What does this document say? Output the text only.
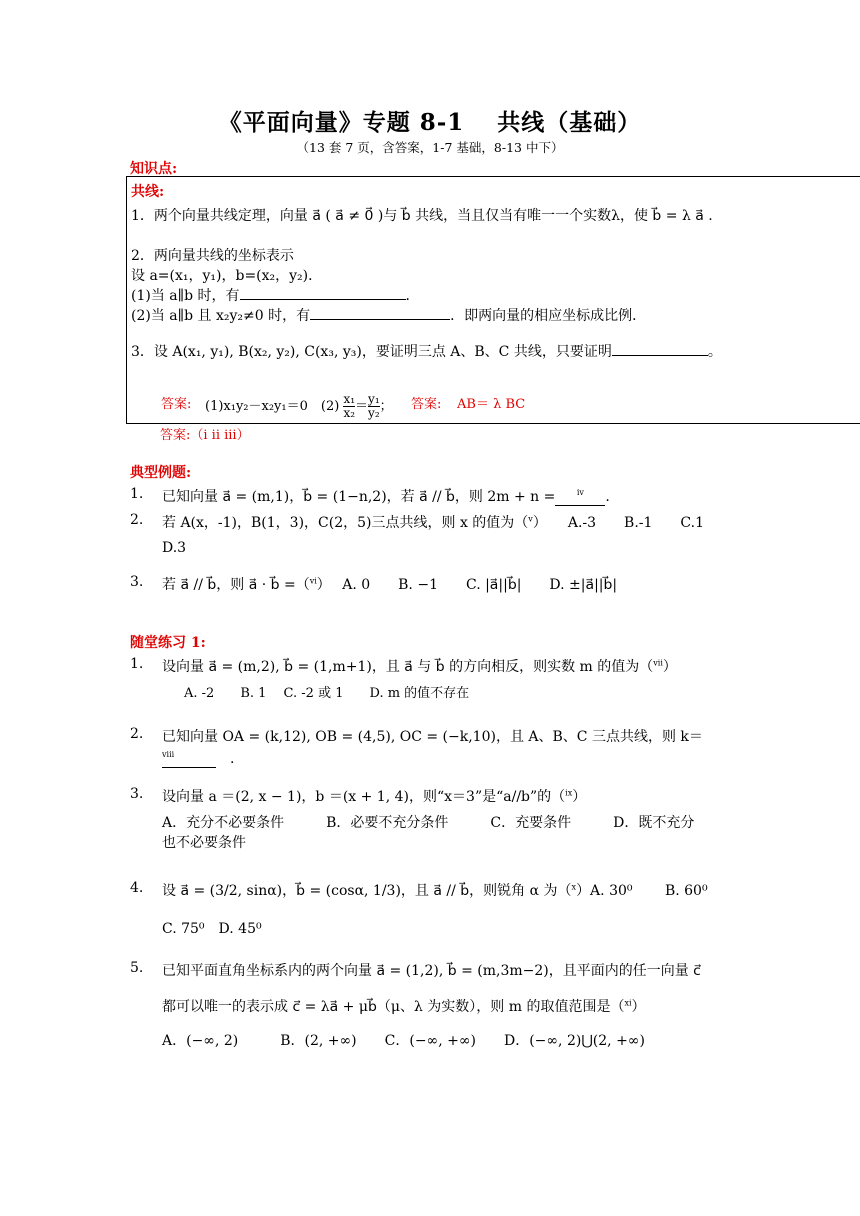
《平面向量》专题 8-1　 共线（基础）
（13 套 7 页，含答案，1-7 基础，8-13 中下）
知识点:
共线:
1．两个向量共线定理，向量 a⃗ ( a⃗ ≠ 0⃗ )与 b⃗ 共线，当且仅当有唯一一个实数λ，使 b⃗ = λ a⃗ .
2．两向量共线的坐标表示
设 a=(x₁，y₁)，b=(x₂，y₂)．
(1)当 a∥b 时，有	．
(2)当 a∥b 且 x₂y₂≠0 时，有	．即两向量的相应坐标成比例．
3．设 A(x₁, y₁), B(x₂, y₂), C(x₃, y₃)，要证明三点 A、B、C 共线，只要证明	。
答案: (1)x₁y₂－x₂y₁＝0　$(2) \frac{\text{x₁}}{\text{x₂}} = \frac{\text{y₁}}{\text{y₂}}$ ； 答案: AB＝ λ BC
答案:（i ii iii）
典型例题:
1. 已知向量 a⃗ = (m,1)，b⃗ = (1−n,2)，若 a⃗ // b⃗，则 2m + n =	$^{iv}$ .
2. 若 A(x，-1)，B(1，3)，C(2，5)三点共线，则 x 的值为（$^v$）　　A.-3　　B.-1　　C.1
D.3
3. 若 a⃗ // b⃗，则 a⃗ · b⃗ =（$^{vi}$）　 A. 0　　B. −1　　C. |a⃗||b⃗|　　D. ±|a⃗||b⃗|
随堂练习 1:
1. 设向量 a⃗ = (m,2), b⃗ = (1,m+1)，且 a⃗ 与 b⃗ 的方向相反，则实数 m 的值为（$^{vii}$）
A. -2　　B. 1　 C. -2 或 1　　D. m 的值不存在
2. 已知向量 OA = (k,12), OB = (4,5), OC = (−k,10)，且 A、B、C 三点共线，则 k＝
$^{viii}$	　.
3. 设向量 a ＝(2, x − 1)，b ＝(x + 1, 4)，则“x＝3”是“a//b”的（$^{ix}$）
A．充分不必要条件　　　B．必要不充分条件　　　C．充要条件　　　D．既不充分
也不必要条件
4. 设 a⃗ = (3/2, sinα)，b⃗ = (cosα, 1/3)，且 a⃗ // b⃗，则锐角 α 为（$^x$）A. 30⁰　　 B. 60⁰
C. 75⁰　D. 45⁰
5. 已知平面直角坐标系内的两个向量 a⃗ = (1,2), b⃗ = (m,3m−2)，且平面内的任一向量 c⃗
都可以唯一的表示成 c⃗ = λa⃗ + μb⃗（μ、λ 为实数），则 m 的取值范围是（$^{xi}$）
A．(−∞, 2)　　　B．(2, +∞)　　C．(−∞, +∞)　　D．(−∞, 2)⋃(2, +∞)
